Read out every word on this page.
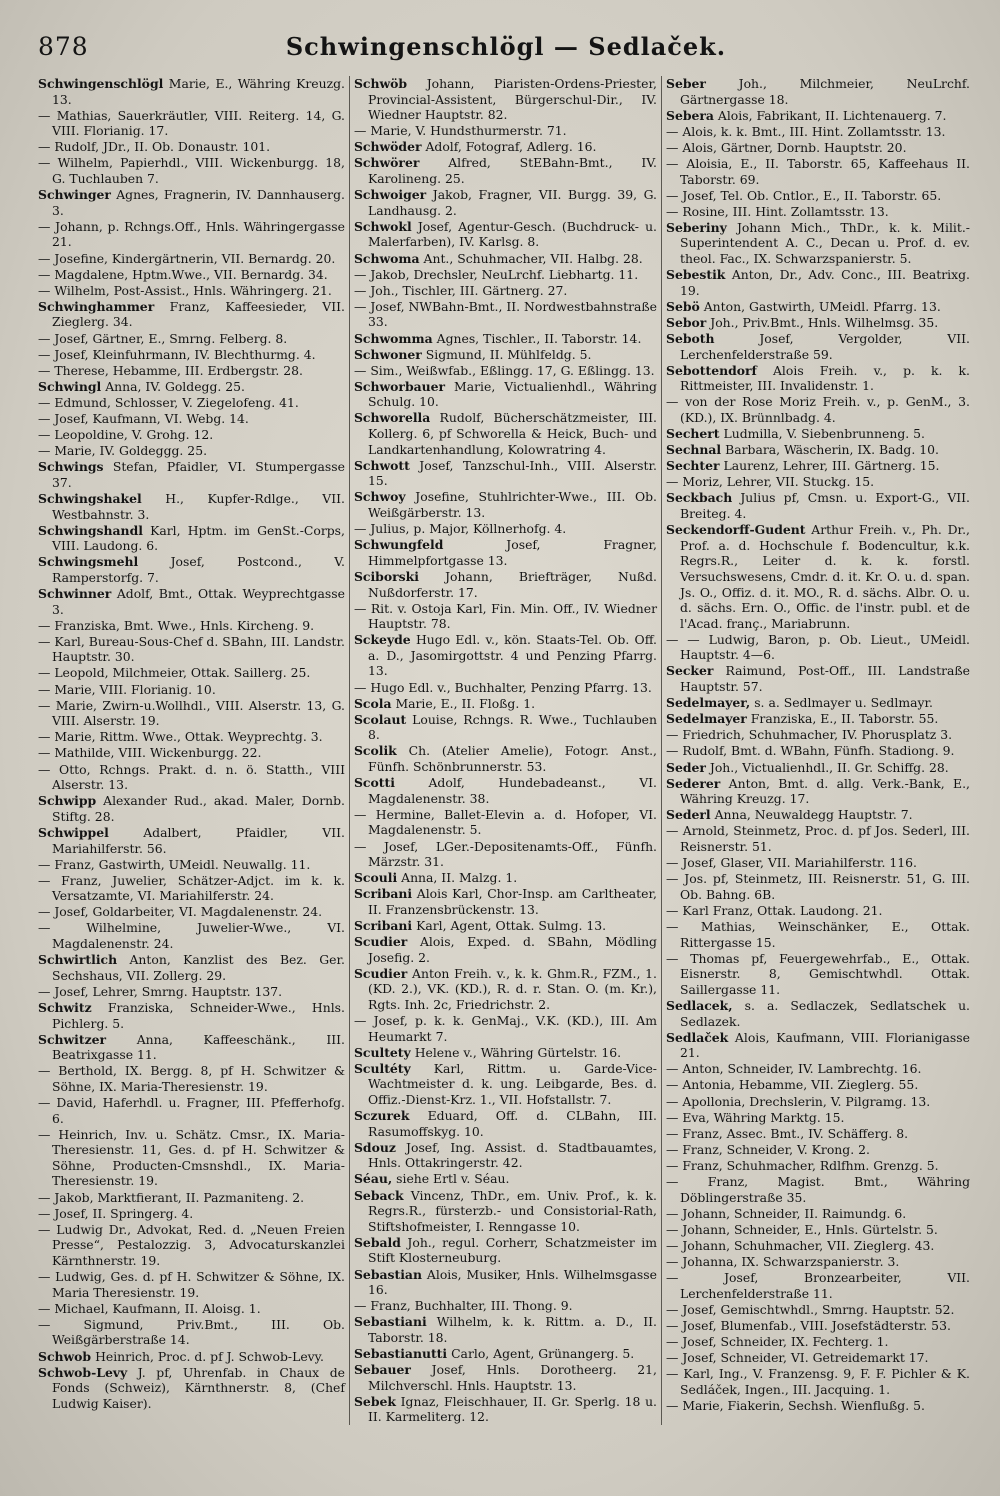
878	Schwingenschlögl — Sedlaček.
Schwingenschlögl Marie, E., Währing Kreuzg. 13.
— Mathias, Sauerkräutler, VIII. Reiterg. 14, G. VIII. Florianig. 17.
— Rudolf, JDr., II. Ob. Donaustr. 101.
— Wilhelm, Papierhdl., VIII. Wickenburgg. 18, G. Tuchlauben 7.
Schwinger Agnes, Fragnerin, IV. Dannhauserg. 3.
— Johann, p. Rchngs.Off., Hnls. Währingergasse 21.
— Josefine, Kindergärtnerin, VII. Bernardg. 20.
— Magdalene, Hptm.Wwe., VII. Bernardg. 34.
— Wilhelm, Post-Assist., Hnls. Währingerg. 21.
Schwinghammer Franz, Kaffeesieder, VII. Zieglerg. 34.
— Josef, Gärtner, E., Smrng. Felberg. 8.
— Josef, Kleinfuhrmann, IV. Blechthurmg. 4.
— Therese, Hebamme, III. Erdbergstr. 28.
Schwingl Anna, IV. Goldegg. 25.
— Edmund, Schlosser, V. Ziegelofeng. 41.
— Josef, Kaufmann, VI. Webg. 14.
— Leopoldine, V. Grohg. 12.
— Marie, IV. Goldeggg. 25.
Schwings Stefan, Pfaidler, VI. Stumpergasse 37.
Schwingshakel H., Kupfer-Rdlge., VII. Westbahnstr. 3.
Schwingshandl Karl, Hptm. im GenSt.-Corps, VIII. Laudong. 6.
Schwingsmehl	Josef, Postcond., V. Ramperstorfg. 7.
Schwinner Adolf, Bmt., Ottak. Weyprechtgasse 3.
— Franziska, Bmt. Wwe., Hnls. Kircheng. 9.
— Karl, Bureau-Sous-Chef d. SBahn, III. Landstr. Hauptstr. 30.
— Leopold, Milchmeier, Ottak. Saillerg. 25.
— Marie, VIII. Florianig. 10.
— Marie, Zwirn-u.Wollhdl., VIII. Alserstr. 13, G. VIII. Alserstr. 19.
— Marie, Rittm. Wwe., Ottak. Weyprechtg. 3.
— Mathilde, VIII. Wickenburgg. 22.
— Otto, Rchngs. Prakt. d. n. ö. Statth., VIII Alserstr. 13.
Schwipp Alexander Rud., akad. Maler, Dornb. Stiftg. 28.
Schwippel	Adalbert, Pfaidler, VII. Mariahilferstr. 56.
— Franz, Gastwirth, UMeidl. Neuwallg. 11.
— Franz, Juwelier, Schätzer-Adjct. im k. k. Versatzamte, VI. Mariahilferstr. 24.
— Josef, Goldarbeiter, VI. Magdalenenstr. 24.
— Wilhelmine, Juwelier-Wwe., VI. Magdalenenstr. 24.
Schwirtlich Anton, Kanzlist des Bez. Ger. Sechshaus, VII. Zollerg. 29.
— Josef, Lehrer, Smrng. Hauptstr. 137.
Schwitz Franziska, Schneider-Wwe., Hnls. Pichlerg. 5.
Schwitzer Anna, Kaffeeschänk., III. Beatrixgasse 11.
— Berthold, IX. Bergg. 8, pf H. Schwitzer & Söhne, IX. Maria-Theresienstr. 19.
— David, Haferhdl. u. Fragner, III. Pfefferhofg. 6.
— Heinrich, Inv. u. Schätz. Cmsr., IX. Maria-Theresienstr. 11, Ges. d. pf H. Schwitzer & Söhne, Producten-Cmsnshdl., IX. Maria-Theresienstr. 19.
— Jakob, Marktfierant, II. Pazmaniteng. 2.
— Josef, II. Springerg. 4.
— Ludwig Dr., Advokat, Red. d. „Neuen Freien Presse“, Pestalozzig. 3, Advocaturskanzlei Kärnthnerstr. 19.
— Ludwig, Ges. d. pf H. Schwitzer & Söhne, IX. Maria Theresienstr. 19.
— Michael, Kaufmann, II. Aloisg. 1.
— Sigmund, Priv.Bmt., III. Ob. Weißgärberstraße 14.
Schwob Heinrich, Proc. d. pf J. Schwob-Levy.
Schwob-Levy J. pf, Uhrenfab. in Chaux de Fonds (Schweiz), Kärnthnerstr. 8, (Chef Ludwig Kaiser).
Schwöb Johann, Piaristen-Ordens-Priester, Provincial-Assistent, Bürgerschul-Dir., IV. Wiedner Hauptstr. 82.
— Marie, V. Hundsthurmerstr. 71.
Schwöder Adolf, Fotograf, Adlerg. 16.
Schwörer Alfred, StEBahn-Bmt., IV. Karolineng. 25.
Schwoiger Jakob, Fragner, VII. Burgg. 39, G. Landhausg. 2.
Schwokl Josef, Agentur-Gesch. (Buchdruck- u. Malerfarben), IV. Karlsg. 8.
Schwoma Ant., Schuhmacher, VII. Halbg. 28.
— Jakob, Drechsler, NeuLrchf. Liebhartg. 11.
— Joh., Tischler, III. Gärtnerg. 27.
— Josef, NWBahn-Bmt., II. Nordwestbahnstraße 33.
Schwomma Agnes, Tischler., II. Taborstr. 14.
Schwoner Sigmund, II. Mühlfeldg. 5.
— Sim., Weißwfab., Eßlingg. 17, G. Eßlingg. 13.
Schworbauer Marie, Victualienhdl., Währing Schulg. 10.
Schworella Rudolf, Bücherschätzmeister, III. Kollerg. 6, pf Schworella & Heick, Buch- und Landkartenhandlung, Kolowratring 4.
Schwott Josef, Tanzschul-Inh., VIII. Alserstr. 15.
Schwoy Josefine, Stuhlrichter-Wwe., III. Ob. Weißgärberstr. 13.
— Julius, p. Major, Köllnerhofg. 4.
Schwungfeld	Josef, Fragner, Himmelpfortgasse 13.
Sciborski Johann, Briefträger, Nußd. Nußdorferstr. 17.
— Rit. v. Ostoja Karl, Fin. Min. Off., IV. Wiedner Hauptstr. 78.
Sckeyde Hugo Edl. v., kön. Staats-Tel. Ob. Off. a. D., Jasomirgottstr. 4 und Penzing Pfarrg. 13.
— Hugo Edl. v., Buchhalter, Penzing Pfarrg. 13.
Scola Marie, E., II. Floßg. 1.
Scolaut Louise, Rchngs. R. Wwe., Tuchlauben 8.
Scolik Ch. (Atelier Amelie), Fotogr. Anst., Fünfh. Schönbrunnerstr. 53.
Scotti	Adolf, Hundebadeanst., VI. Magdalenenstr. 38.
— Hermine, Ballet-Elevin a. d. Hofoper, VI. Magdalenenstr. 5.
— Josef, LGer.-Depositenamts-Off., Fünfh. Märzstr. 31.
Scouli Anna, II. Malzg. 1.
Scribani Alois Karl, Chor-Insp. am Carltheater, II. Franzensbrückenstr. 13.
Scribani Karl, Agent, Ottak. Sulmg. 13.
Scudier Alois, Exped. d. SBahn, Mödling Josefig. 2.
Scudier Anton Freih. v., k. k. Ghm.R., FZM., 1. (KD. 2.), VK. (KD.), R. d. r. Stan. O. (m. Kr.), Rgts. Inh. 2c, Friedrichstr. 2.
— Josef, p. k. k. GenMaj., V.K. (KD.), III. Am Heumarkt 7.
Scultety Helene v., Währing Gürtelstr. 16.
Scultéty Karl, Rittm. u. Garde-Vice-Wachtmeister d. k. ung. Leibgarde, Bes. d. Offiz.-Dienst-Krz. 1., VII. Hofstallstr. 7.
Sczurek Eduard, Off. d. CLBahn, III. Rasumoffskyg. 10.
Sdouz Josef, Ing. Assist. d. Stadtbauamtes, Hnls. Ottakringerstr. 42.
Séau, siehe Ertl v. Séau.
Seback Vincenz, ThDr., em. Univ. Prof., k. k. Regrs.R., fürsterzb.- und Consistorial-Rath, Stiftshofmeister, I. Renngasse 10.
Sebald Joh., regul. Corherr, Schatzmeister im Stift Klosterneuburg.
Sebastian Alois, Musiker, Hnls. Wilhelmsgasse 16.
— Franz, Buchhalter, III. Thong. 9.
Sebastiani Wilhelm, k. k. Rittm. a. D., II. Taborstr. 18.
Sebastianutti Carlo, Agent, Grünangerg. 5.
Sebauer Josef, Hnls. Dorotheerg. 21, Milchverschl. Hnls. Hauptstr. 13.
Sebek Ignaz, Fleischhauer, II. Gr. Sperlg. 18 u. II. Karmeliterg. 12.
Seber	Joh., Milchmeier, NeuLrchf. Gärtnergasse 18.
Sebera Alois, Fabrikant, II. Lichtenauerg. 7.
— Alois, k. k. Bmt., III. Hint. Zollamtsstr. 13.
— Alois, Gärtner, Dornb. Hauptstr. 20.
— Aloisia, E., II. Taborstr. 65, Kaffeehaus II. Taborstr. 69.
— Josef, Tel. Ob. Cntlor., E., II. Taborstr. 65.
— Rosine, III. Hint. Zollamtsstr. 13.
Seberiny Johann Mich., ThDr., k. k. Milit.-Superintendent A. C., Decan u. Prof. d. ev. theol. Fac., IX. Schwarzspanierstr. 5.
Sebestik Anton, Dr., Adv. Conc., III. Beatrixg. 19.
Sebö Anton, Gastwirth, UMeidl. Pfarrg. 13.
Sebor Joh., Priv.Bmt., Hnls. Wilhelmsg. 35.
Seboth	Josef, Vergolder, VII. Lerchenfelderstraße 59.
Sebottendorf Alois Freih. v., p. k. k. Rittmeister, III. Invalidenstr. 1.
— von der Rose Moriz Freih. v., p. GenM., 3. (KD.), IX. Brünnlbadg. 4.
Sechert Ludmilla, V. Siebenbrunneng. 5.
Sechnal Barbara, Wäscherin, IX. Badg. 10.
Sechter Laurenz, Lehrer, III. Gärtnerg. 15.
— Moriz, Lehrer, VII. Stuckg. 15.
Seckbach Julius pf, Cmsn. u. Export-G., VII. Breiteg. 4.
Seckendorff-Gudent Arthur Freih. v., Ph. Dr., Prof. a. d. Hochschule f. Bodencultur, k.k. Regrs.R., Leiter d. k. k. forstl. Versuchswesens, Cmdr. d. it. Kr. O. u. d. span. Js. O., Offiz. d. it. MO., R. d. sächs. Albr. O. u. d. sächs. Ern. O., Offic. de l'instr. publ. et de l'Acad. franç., Mariabrunn.
— — Ludwig, Baron, p. Ob. Lieut., UMeidl. Hauptstr. 4—6.
Secker Raimund, Post-Off., III. Landstraße Hauptstr. 57.
Sedelmayer, s. a. Sedlmayer u. Sedlmayr.
Sedelmayer Franziska, E., II. Taborstr. 55.
— Friedrich, Schuhmacher, IV. Phorusplatz 3.
— Rudolf, Bmt. d. WBahn, Fünfh. Stadiong. 9.
Seder Joh., Victualienhdl., II. Gr. Schiffg. 28.
Sederer Anton, Bmt. d. allg. Verk.-Bank, E., Währing Kreuzg. 17.
Sederl Anna, Neuwaldegg Hauptstr. 7.
— Arnold, Steinmetz, Proc. d. pf Jos. Sederl, III. Reisnerstr. 51.
— Josef, Glaser, VII. Mariahilferstr. 116.
— Jos. pf, Steinmetz, III. Reisnerstr. 51, G. III. Ob. Bahng. 6B.
— Karl Franz, Ottak. Laudong. 21.
— Mathias, Weinschänker, E., Ottak. Rittergasse 15.
— Thomas pf, Feuergewehrfab., E., Ottak. Eisnerstr. 8, Gemischtwhdl. Ottak. Saillergasse 11.
Sedlacek, s. a. Sedlaczek, Sedlatschek u. Sedlazek.
Sedlaček Alois, Kaufmann, VIII. Florianigasse 21.
— Anton, Schneider, IV. Lambrechtg. 16.
— Antonia, Hebamme, VII. Zieglerg. 55.
— Apollonia, Drechslerin, V. Pilgramg. 13.
— Eva, Währing Marktg. 15.
— Franz, Assec. Bmt., IV. Schäfferg. 8.
— Franz, Schneider, V. Krong. 2.
— Franz, Schuhmacher, Rdlfhm. Grenzg. 5.
— Franz, Magist. Bmt., Währing Döblingerstraße 35.
— Johann, Schneider, II. Raimundg. 6.
— Johann, Schneider, E., Hnls. Gürtelstr. 5.
— Johann, Schuhmacher, VII. Zieglerg. 43.
— Johanna, IX. Schwarzspanierstr. 3.
— Josef, Bronzearbeiter, VII. Lerchenfelderstraße 11.
— Josef, Gemischtwhdl., Smrng. Hauptstr. 52.
— Josef, Blumenfab., VIII. Josefstädterstr. 53.
— Josef, Schneider, IX. Fechterg. 1.
— Josef, Schneider, VI. Getreidemarkt 17.
— Karl, Ing., V. Franzensg. 9, F. F. Pichler & K. Sedláček, Ingen., III. Jacquing. 1.
— Marie, Fiakerin, Sechsh. Wienflußg. 5.
